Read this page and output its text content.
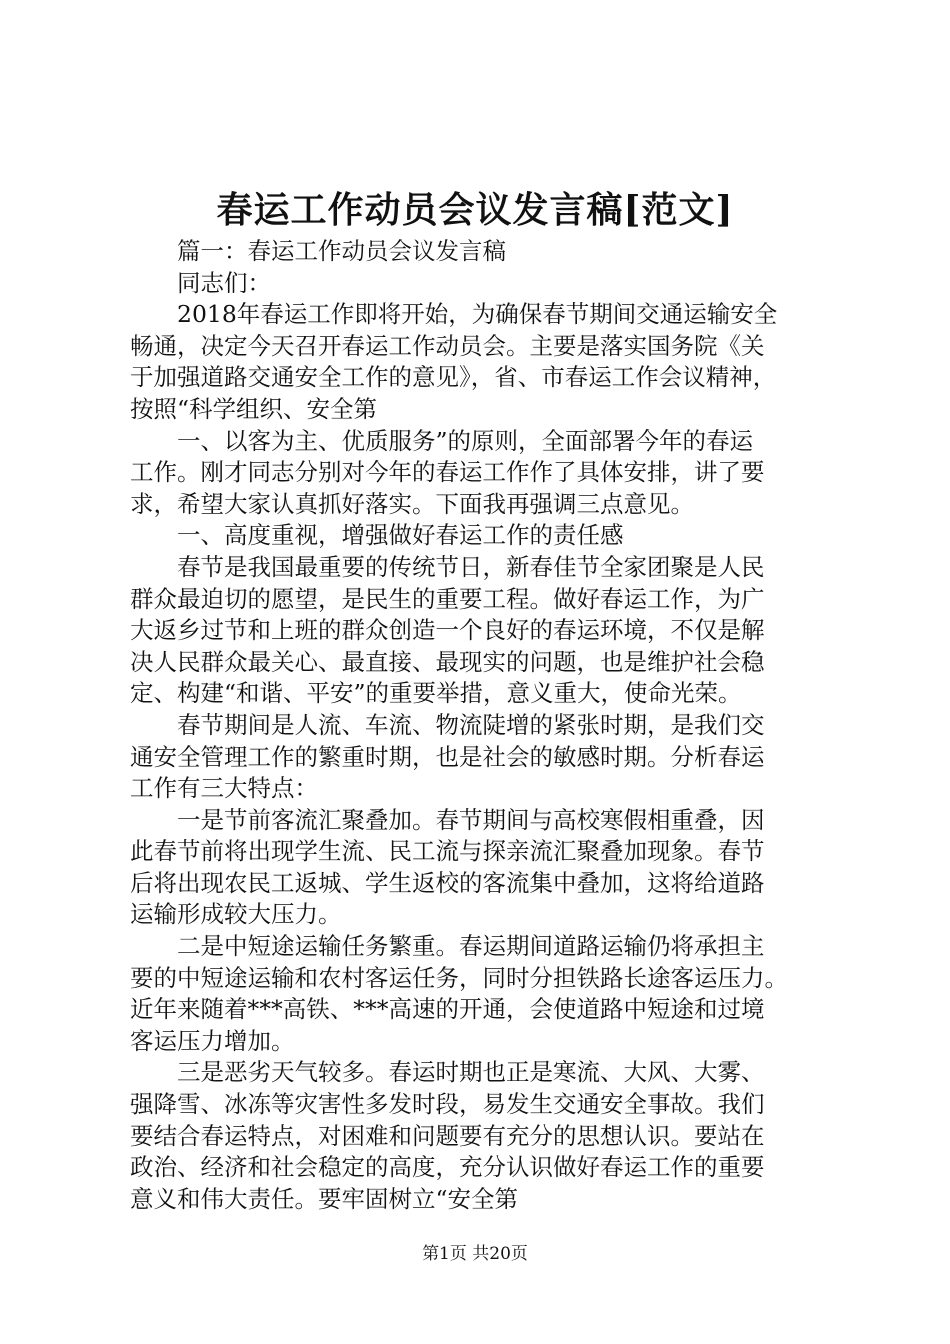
春运工作动员会议发言稿[范文]

篇一：春运工作动员会议发言稿

同志们：

2018年春运工作即将开始，为确保春节期间交通运输安全

畅通，决定今天召开春运工作动员会。主要是落实国务院《关

于加强道路交通安全工作的意见》，省、市春运工作会议精神，

按照“科学组织、安全第

一、以客为主、优质服务”的原则，全面部署今年的春运

工作。刚才同志分别对今年的春运工作作了具体安排，讲了要

求，希望大家认真抓好落实。下面我再强调三点意见。

一、高度重视，增强做好春运工作的责任感

春节是我国最重要的传统节日，新春佳节全家团聚是人民

群众最迫切的愿望，是民生的重要工程。做好春运工作，为广

大返乡过节和上班的群众创造一个良好的春运环境，不仅是解

决人民群众最关心、最直接、最现实的问题，也是维护社会稳

定、构建“和谐、平安”的重要举措，意义重大，使命光荣。

春节期间是人流、车流、物流陡增的紧张时期，是我们交

通安全管理工作的繁重时期，也是社会的敏感时期。分析春运

工作有三大特点：

一是节前客流汇聚叠加。春节期间与高校寒假相重叠，因

此春节前将出现学生流、民工流与探亲流汇聚叠加现象。春节

后将出现农民工返城、学生返校的客流集中叠加，这将给道路

运输形成较大压力。

二是中短途运输任务繁重。春运期间道路运输仍将承担主

要的中短途运输和农村客运任务，同时分担铁路长途客运压力。

近年来随着***高铁、***高速的开通，会使道路中短途和过境

客运压力增加。

三是恶劣天气较多。春运时期也正是寒流、大风、大雾、

强降雪、冰冻等灾害性多发时段，易发生交通安全事故。我们

要结合春运特点，对困难和问题要有充分的思想认识。要站在

政治、经济和社会稳定的高度，充分认识做好春运工作的重要

意义和伟大责任。要牢固树立“安全第

第1页 共20页
